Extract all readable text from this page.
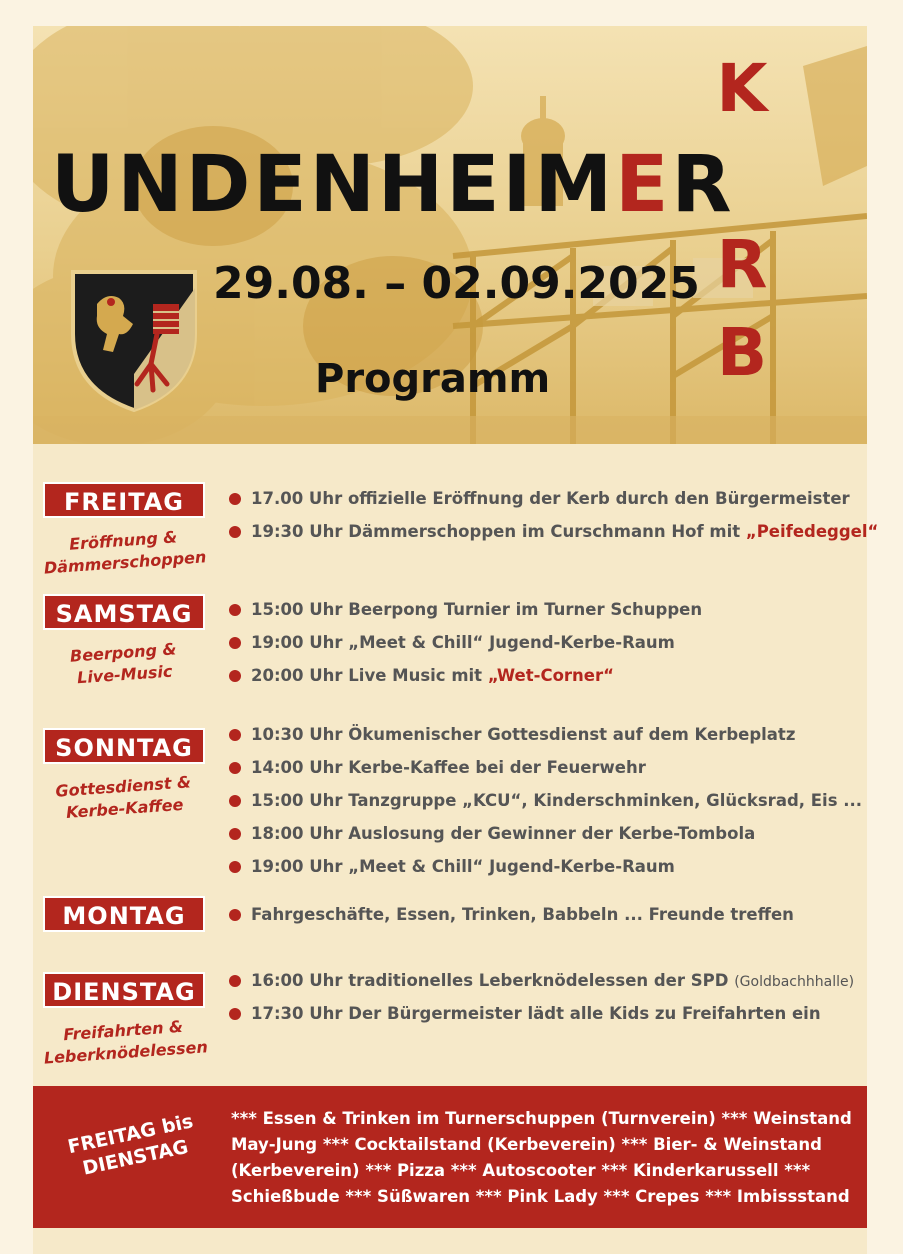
UNDENHEIMER
K
R
B
29.08. – 02.09.2025
Programm
FREITAG
Eröffnung &
Dämmerschoppen
17.00 Uhr offizielle Eröffnung der Kerb durch den Bürgermeister
19:30 Uhr Dämmerschoppen im Curschmann Hof mit „Peifedeggel“
SAMSTAG
Beerpong &
Live-Music
15:00 Uhr Beerpong Turnier im Turner Schuppen
19:00 Uhr „Meet & Chill“ Jugend-Kerbe-Raum
20:00 Uhr Live Music mit „Wet-Corner“
SONNTAG
Gottesdienst &
Kerbe-Kaffee
10:30 Uhr Ökumenischer Gottesdienst auf dem Kerbeplatz
14:00 Uhr Kerbe-Kaffee bei der Feuerwehr
15:00 Uhr Tanzgruppe „KCU“, Kinderschminken, Glücksrad, Eis ...
18:00 Uhr Auslosung der Gewinner der Kerbe-Tombola
19:00 Uhr „Meet & Chill“ Jugend-Kerbe-Raum
MONTAG	Fahrgeschäfte, Essen, Trinken, Babbeln ... Freunde treffen
DIENSTAG
Freifahrten &
Leberknödelessen
16:00 Uhr traditionelles Leberknödelessen der SPD (Goldbachhhalle)
17:30 Uhr Der Bürgermeister lädt alle Kids zu Freifahrten ein
FREITAG bis
DIENSTAG
*** Essen & Trinken im Turnerschuppen (Turnverein) *** Weinstand May-Jung *** Cocktailstand (Kerbeverein) *** Bier- & Weinstand (Kerbeverein) *** Pizza *** Autoscooter *** Kinderkarussell *** Schießbude *** Süßwaren *** Pink Lady *** Crepes *** Imbissstand
